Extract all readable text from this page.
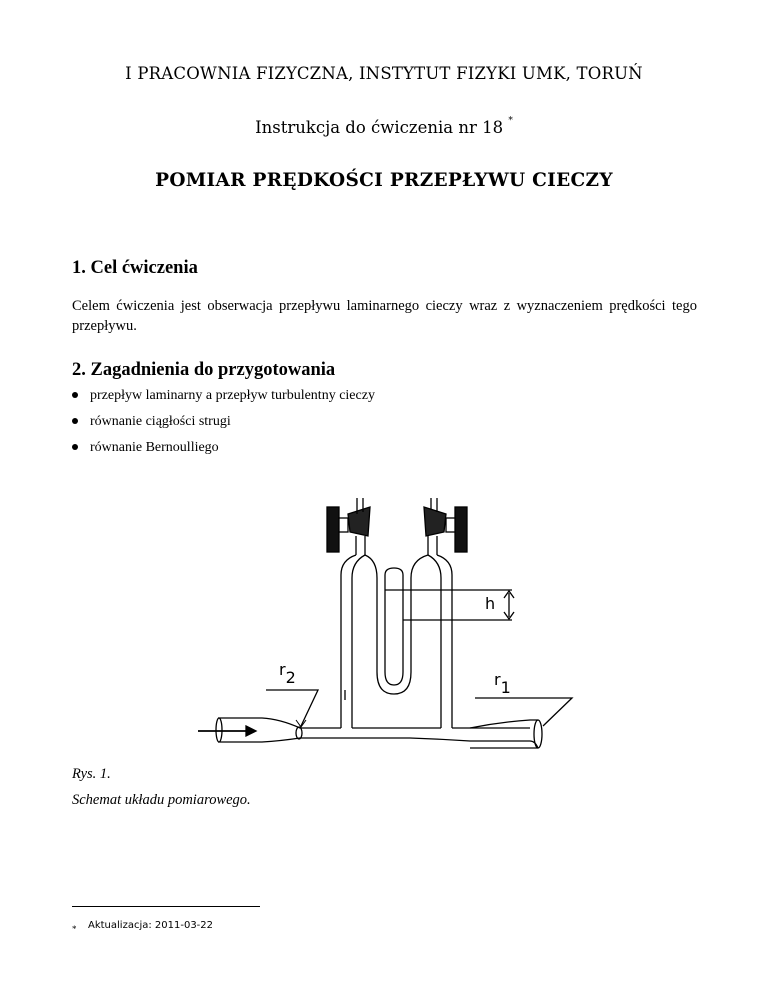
I PRACOWNIA FIZYCZNA, INSTYTUT FIZYKI UMK, TORUŃ
Instrukcja do ćwiczenia nr 18 *
POMIAR PRĘDKOŚCI PRZEPŁYWU CIECZY
1. Cel ćwiczenia
Celem ćwiczenia jest obserwacja przepływu laminarnego cieczy wraz z wyznaczeniem prędkości tego przepływu.
2. Zagadnienia do przygotowania
przepływ laminarny a przepływ turbulentny cieczy
równanie ciągłości strugi
równanie Bernoulliego
h
r2	r1
Rys. 1.
Schemat układu pomiarowego.
* Aktualizacja: 2011-03-22
